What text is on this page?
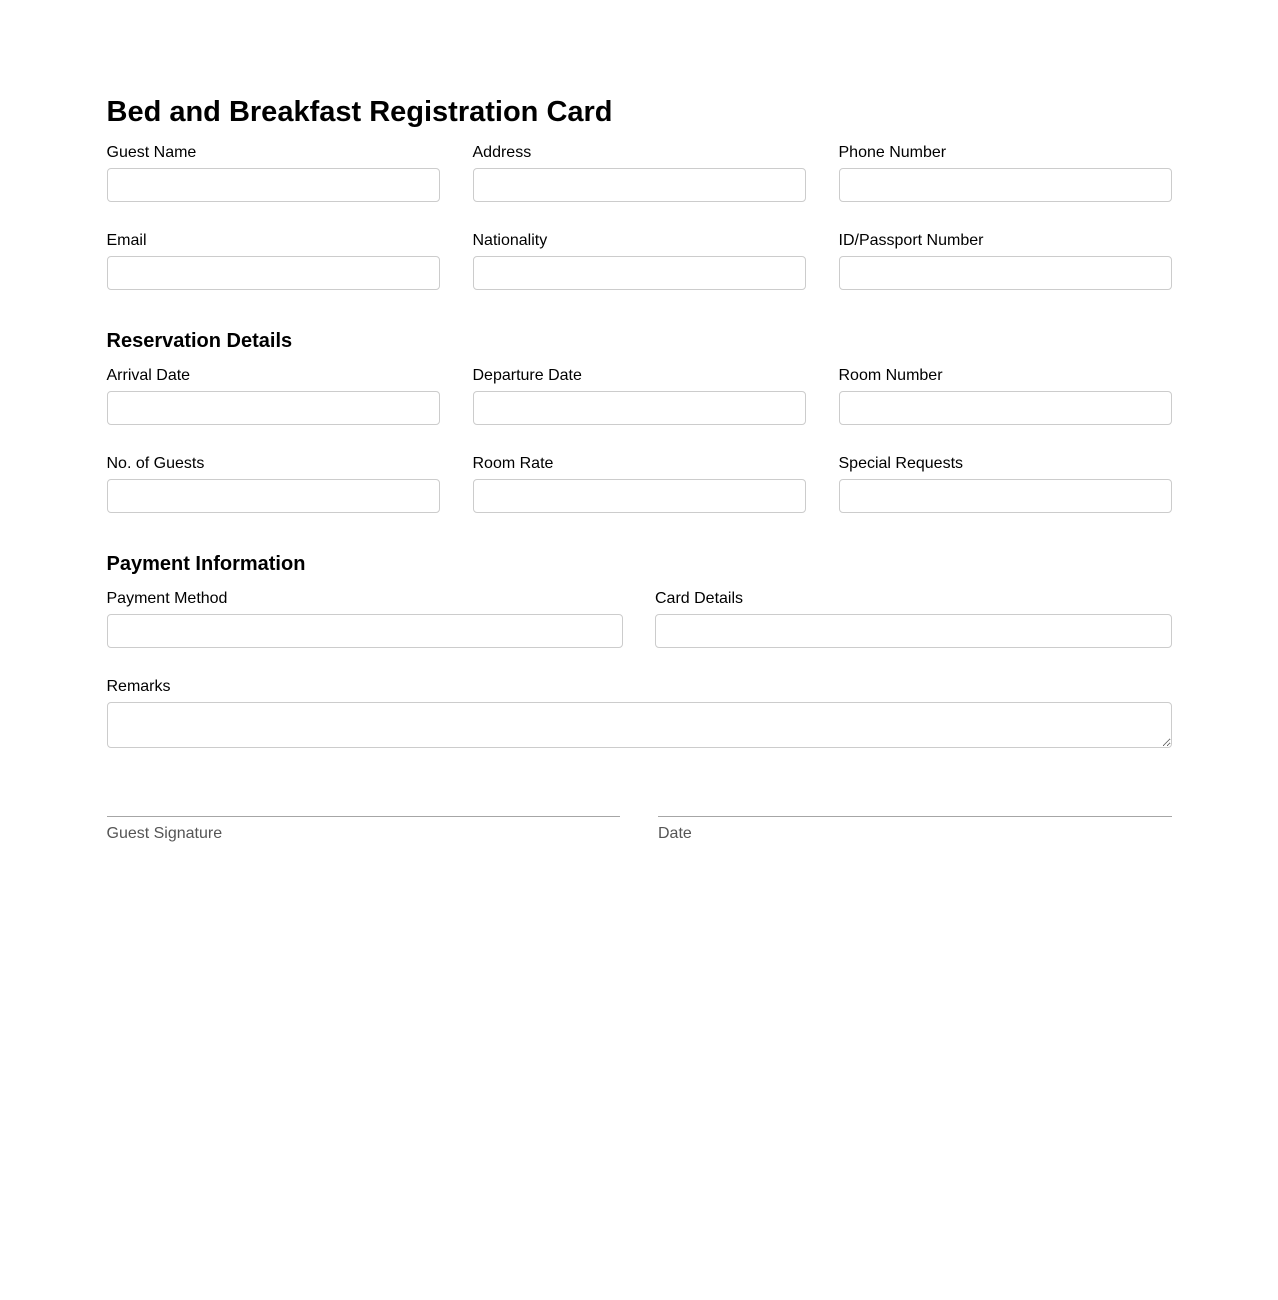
Bed and Breakfast Registration Card
Guest Name	Address	Phone Number
Email	Nationality	ID/Passport Number
Reservation Details
Arrival Date	Departure Date	Room Number
No. of Guests	Room Rate	Special Requests
Payment Information
Payment Method	Card Details
Remarks
Guest Signature	Date
